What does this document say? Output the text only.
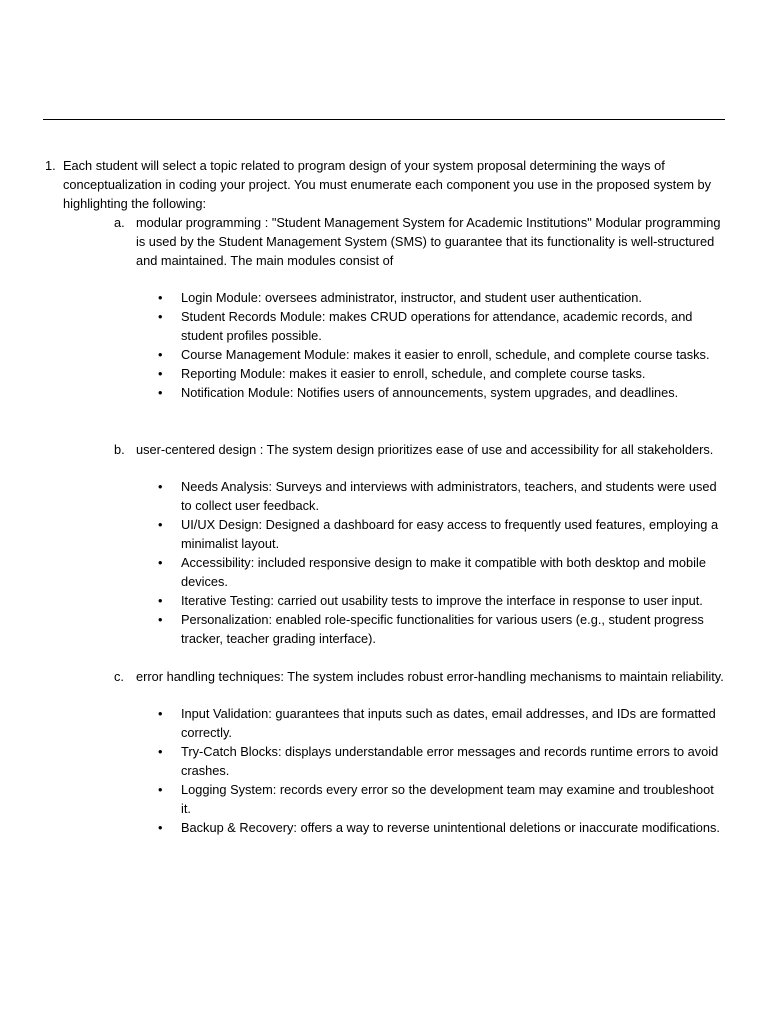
1. Each student will select a topic related to program design of your system proposal determining the ways of conceptualization in coding your project. You must enumerate each component you use in the proposed system by highlighting the following:
a. modular programming : "Student Management System for Academic Institutions" Modular programming is used by the Student Management System (SMS) to guarantee that its functionality is well-structured and maintained. The main modules consist of
• Login Module: oversees administrator, instructor, and student user authentication.
• Student Records Module: makes CRUD operations for attendance, academic records, and student profiles possible.
• Course Management Module: makes it easier to enroll, schedule, and complete course tasks.
• Reporting Module: makes it easier to enroll, schedule, and complete course tasks.
• Notification Module: Notifies users of announcements, system upgrades, and deadlines.
b. user-centered design : The system design prioritizes ease of use and accessibility for all stakeholders.
• Needs Analysis: Surveys and interviews with administrators, teachers, and students were used to collect user feedback.
• UI/UX Design: Designed a dashboard for easy access to frequently used features, employing a minimalist layout.
• Accessibility: included responsive design to make it compatible with both desktop and mobile devices.
• Iterative Testing: carried out usability tests to improve the interface in response to user input.
• Personalization: enabled role-specific functionalities for various users (e.g., student progress tracker, teacher grading interface).
c. error handling techniques: The system includes robust error-handling mechanisms to maintain reliability.
• Input Validation: guarantees that inputs such as dates, email addresses, and IDs are formatted correctly.
• Try-Catch Blocks: displays understandable error messages and records runtime errors to avoid crashes.
• Logging System: records every error so the development team may examine and troubleshoot it.
• Backup & Recovery: offers a way to reverse unintentional deletions or inaccurate modifications.
